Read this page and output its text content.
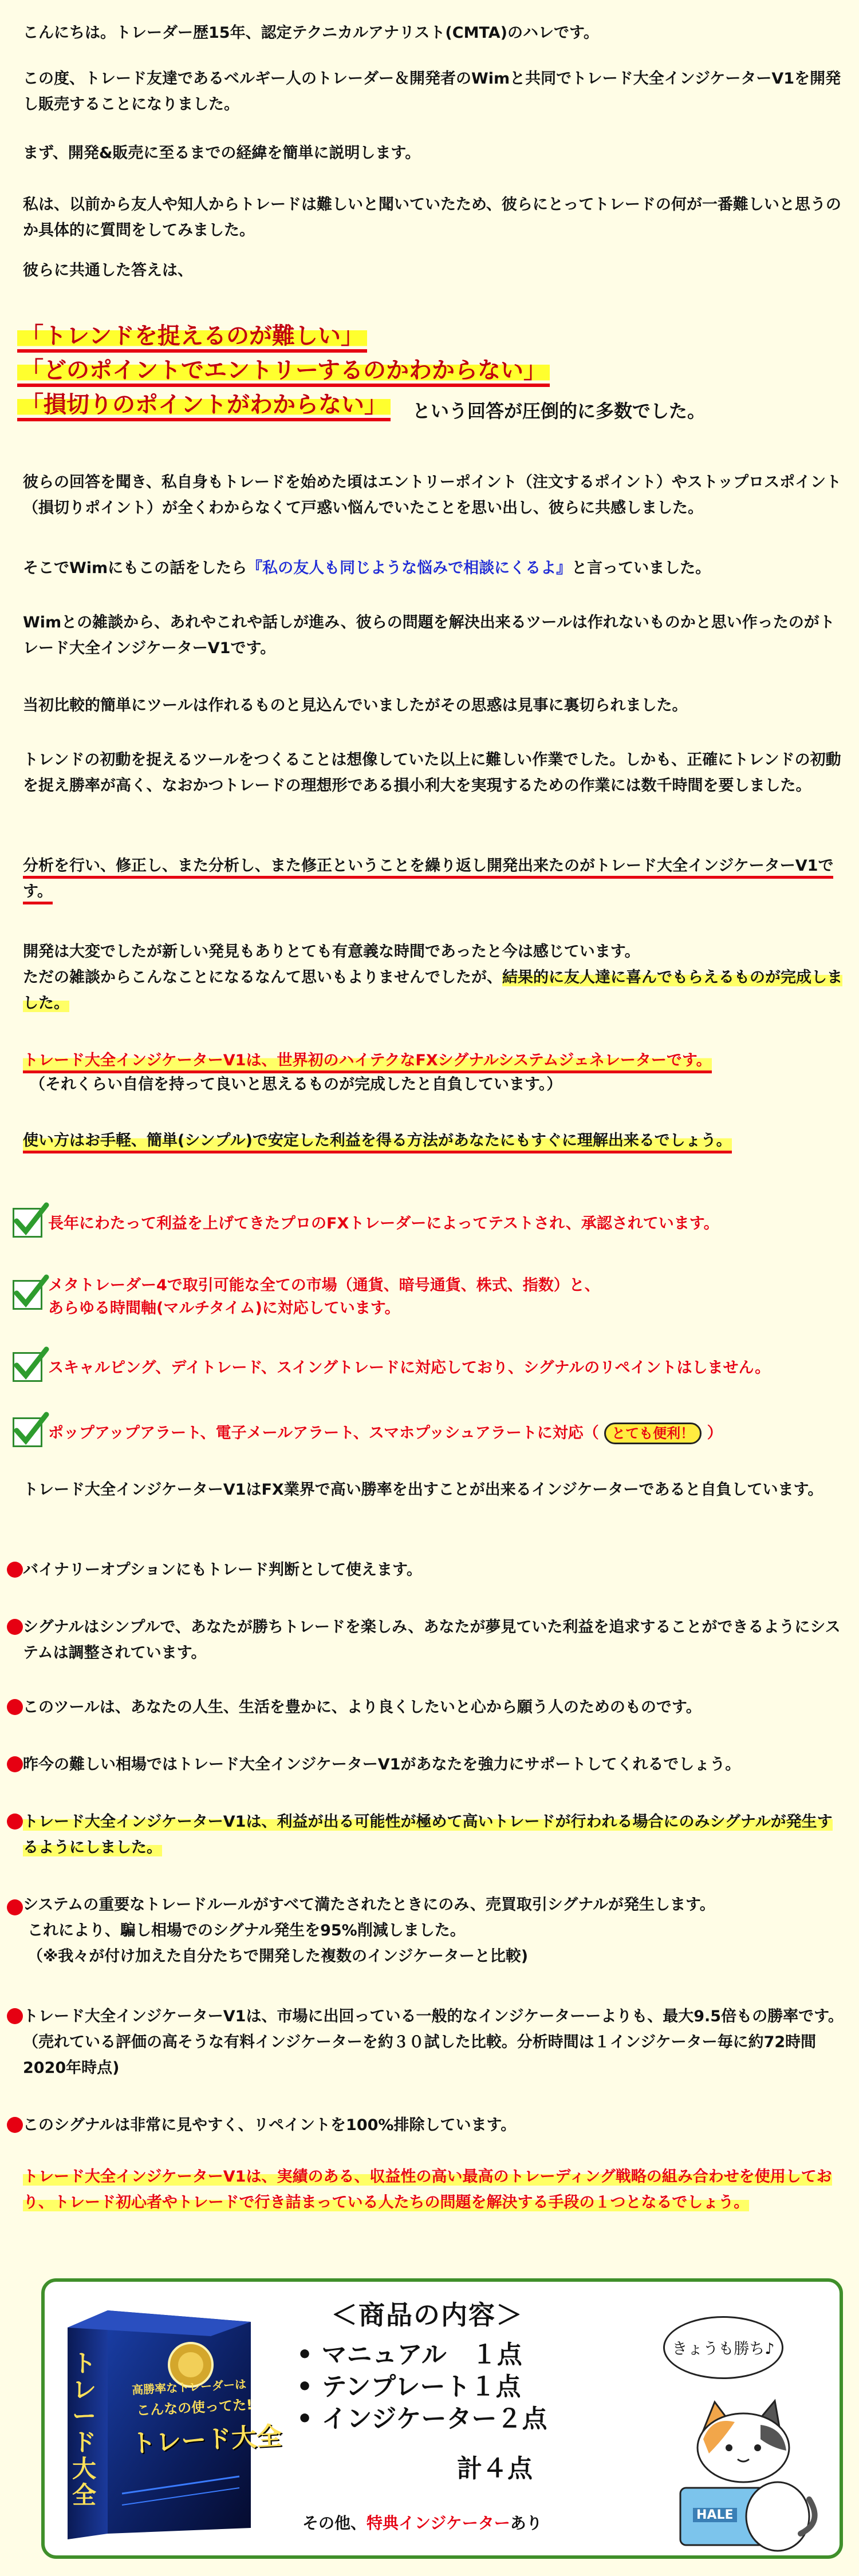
こんにちは。トレーダー歴15年、認定テクニカルアナリスト(CMTA)のハレです。

この度、トレード友達であるベルギー人のトレーダー＆開発者のWimと共同でトレード大全インジケーターV1を開発し販売することになりました。

まず、開発&販売に至るまでの経緯を簡単に説明します。

私は、以前から友人や知人からトレードは難しいと聞いていたため、彼らにとってトレードの何が一番難しいと思うのか具体的に質問をしてみました。

彼らに共通した答えは、

「トレンドを捉えるのが難しい」
「どのポイントでエントリーするのかわからない」
「損切りのポイントがわからない」 という回答が圧倒的に多数でした。

彼らの回答を聞き、私自身もトレードを始めた頃はエントリーポイント（注文するポイント）やストップロスポイント（損切りポイント）が全くわからなくて戸惑い悩んでいたことを思い出し、彼らに共感しました。

そこでWimにもこの話をしたら『私の友人も同じような悩みで相談にくるよ』と言っていました。

Wimとの雑談から、あれやこれや話しが進み、彼らの問題を解決出来るツールは作れないものかと思い作ったのがトレード大全インジケーターV1です。

当初比較的簡単にツールは作れるものと見込んでいましたがその思惑は見事に裏切られました。

トレンドの初動を捉えるツールをつくることは想像していた以上に難しい作業でした。しかも、正確にトレンドの初動を捉え勝率が高く、なおかつトレードの理想形である損小利大を実現するための作業には数千時間を要しました。

分析を行い、修正し、また分析し、また修正ということを繰り返し開発出来たのがトレード大全インジケーターV1です。

開発は大変でしたが新しい発見もありとても有意義な時間であったと今は感じています。
ただの雑談からこんなことになるなんて思いもよりませんでしたが、結果的に友人達に喜んでもらえるものが完成しました。

トレード大全インジケーターV1は、世界初のハイテクなFXシグナルシステムジェネレーターです。

（それくらい自信を持って良いと思えるものが完成したと自負しています。）

使い方はお手軽、簡単(シンプル)で安定した利益を得る方法があなたにもすぐに理解出来るでしょう。

長年にわたって利益を上げてきたプロのFXトレーダーによってテストされ、承認されています。
メタトレーダー4で取引可能な全ての市場（通貨、暗号通貨、株式、指数）と、
あらゆる時間軸(マルチタイム)に対応しています。
スキャルピング、デイトレード、スイングトレードに対応しており、シグナルのリペイントはしません。
ポップアップアラート、電子メールアラート、スマホプッシュアラートに対応（ とても便利！ ）

トレード大全インジケーターV1はFX業界で高い勝率を出すことが出来るインジケーターであると自負しています。

バイナリーオプションにもトレード判断として使えます。
シグナルはシンプルで、あなたが勝ちトレードを楽しみ、あなたが夢見ていた利益を追求することができるようにシステムは調整されています。
このツールは、あなたの人生、生活を豊かに、より良くしたいと心から願う人のためのものです。
昨今の難しい相場ではトレード大全インジケーターV1があなたを強力にサポートしてくれるでしょう。
トレード大全インジケーターV1は、利益が出る可能性が極めて高いトレードが行われる場合にのみシグナルが発生するようにしました。
システムの重要なトレードルールがすべて満たされたときにのみ、売買取引シグナルが発生します。
これにより、騙し相場でのシグナル発生を95%削減しました。
（※我々が付け加えた自分たちで開発した複数のインジケーターと比較)
トレード大全インジケーターV1は、市場に出回っている一般的なインジケーターーよりも、最大9.5倍もの勝率です。（売れている評価の高そうな有料インジケーターを約３０試した比較。分析時間は１インジケーター毎に約72時間 2020年時点)
このシグナルは非常に見やすく、リペイントを100%排除しています。

トレード大全インジケーターV1は、実績のある、収益性の高い最高のトレーディング戦略の組み合わせを使用しており、トレード初心者やトレードで行き詰まっている人たちの問題を解決する手段の１つとなるでしょう。

高勝率なトレーダーは
こんなの使ってた!
トレード大全
トレード大全
＜商品の内容＞
• マニュアル　１点
• テンプレート１点
• インジケーター２点
計４点
その他、特典インジケーターあり
きょうも勝ち♪
HALE
